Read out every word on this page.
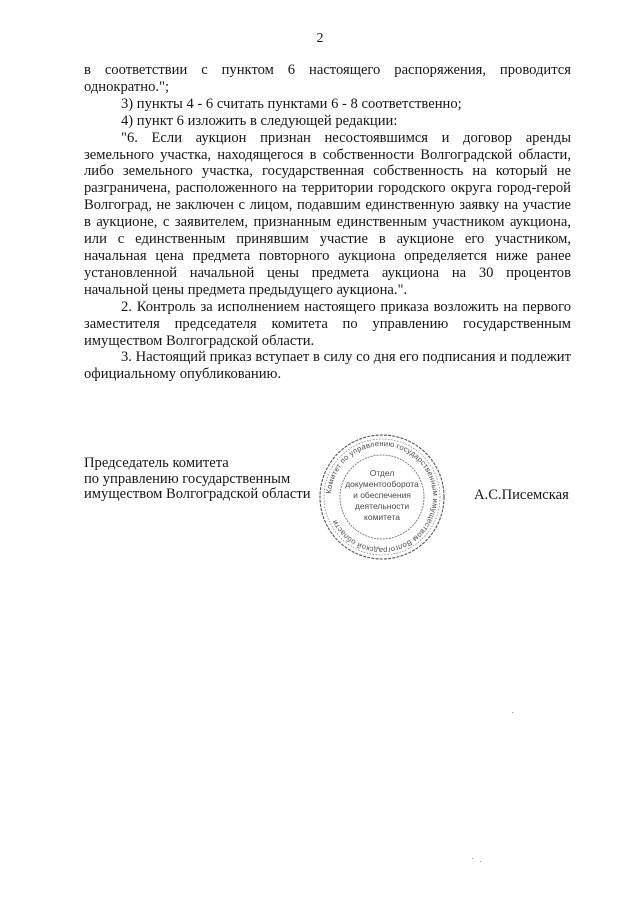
2

в соответствии с пунктом 6 настоящего распоряжения, проводится однократно.";

3) пункты 4 - 6 считать пунктами 6 - 8 соответственно;

4) пункт 6 изложить в следующей редакции:

"6. Если аукцион признан несостоявшимся и договор аренды земельного участка, находящегося в собственности Волгоградской области, либо земельного участка, государственная собственность на который не разграничена, расположенного на территории городского округа город-герой Волгоград, не заключен с лицом, подавшим единственную заявку на участие в аукционе, с заявителем, признанным единственным участником аукциона, или с единственным принявшим участие в аукционе его участником, начальная цена предмета повторного аукциона определяется ниже ранее установленной начальной цены предмета аукциона на 30 процентов начальной цены предмета предыдущего аукциона.".

2. Контроль за исполнением настоящего приказа возложить на первого заместителя председателя комитета по управлению государственным имуществом Волгоградской области.

3. Настоящий приказ вступает в силу со дня его подписания и подлежит официальному опубликованию.

Председатель комитета
по управлению государственным
имуществом Волгоградской области Комитет по управлению государственным имуществом Волгоградской области
Отдел
документооборота
и обеспечения
деятельности
комитета
А.С.Писемская
